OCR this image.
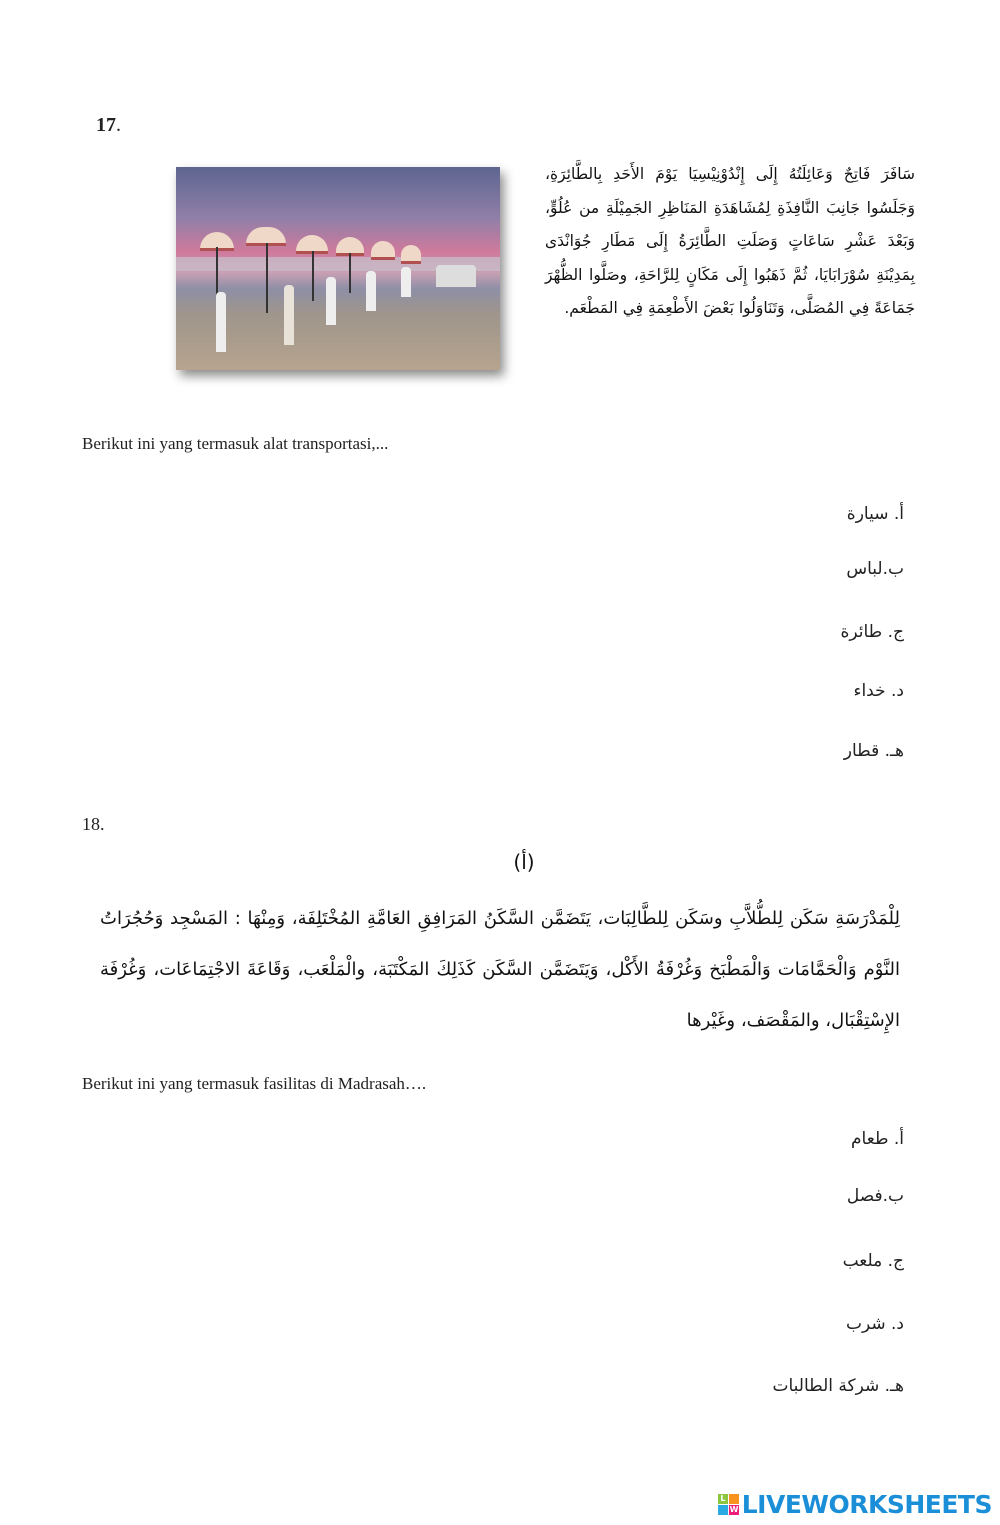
17.
سَافَرَ فَاتِحٌ وَعَائِلَتُهُ إِلَى إِنْدُوْنِيْسِيَا يَوْمَ الأَحَدِ بِالطَّائِرَةِ، وَجَلَسُوا جَانِبَ النَّافِذَةِ لِمُشَاهَدَةِ المَنَاظِرِ الجَمِيْلَةِ من عُلُوٍّ، وَبَعْدَ عَشْرِ سَاعَاتٍ وَصَلَتِ الطَّائِرَةُ إِلَى مَطَارِ جُوَانْدَى بِمَدِيْنَةِ سُوْرَابَايَا، ثُمَّ ذَهَبُوا إِلَى مَكَانٍ لِلرَّاحَةِ، وصَلَّوا الظُّهْرَ جَمَاعَةً فِي المُصَلَّى، وَتَنَاوَلُوا بَعْضَ الأَطْعِمَةِ فِي المَطْعَم.
Berikut ini yang termasuk alat transportasi,...
أ. سيارة
ب.لباس
ج. طائرة
د. خداء
هـ. قطار
18.
(أ)
لِلْمَدْرَسَةِ سَكَن لِلطُّلاَّبِ وسَكَن لِلطَّالِبَات، يَتَضَمَّن السَّكَنُ المَرَافِقِ العَامَّةِ المُخْتَلِفَة، وَمِنْهَا : المَسْجِد وَحُجُرَاتُ النَّوْم وَالْحَمَّامَات وَالْمَطْبَخ وَغُرْفَةُ الأَكْل، وَيَتَضَمَّن السَّكَن كَذَلِكَ المَكْتَبَة، والْمَلْعَب، وَقَاعَةَ الاجْتِمَاعَات، وَغُرْفَة الإِسْتِقْبَال، والمَقْصَف، وغَيْرها
Berikut ini yang termasuk fasilitas di Madrasah….
أ. طعام
ب.فصل
ج. ملعب
د. شرب
هـ. شركة الطالبات
L
W LIVEWORKSHEETS
